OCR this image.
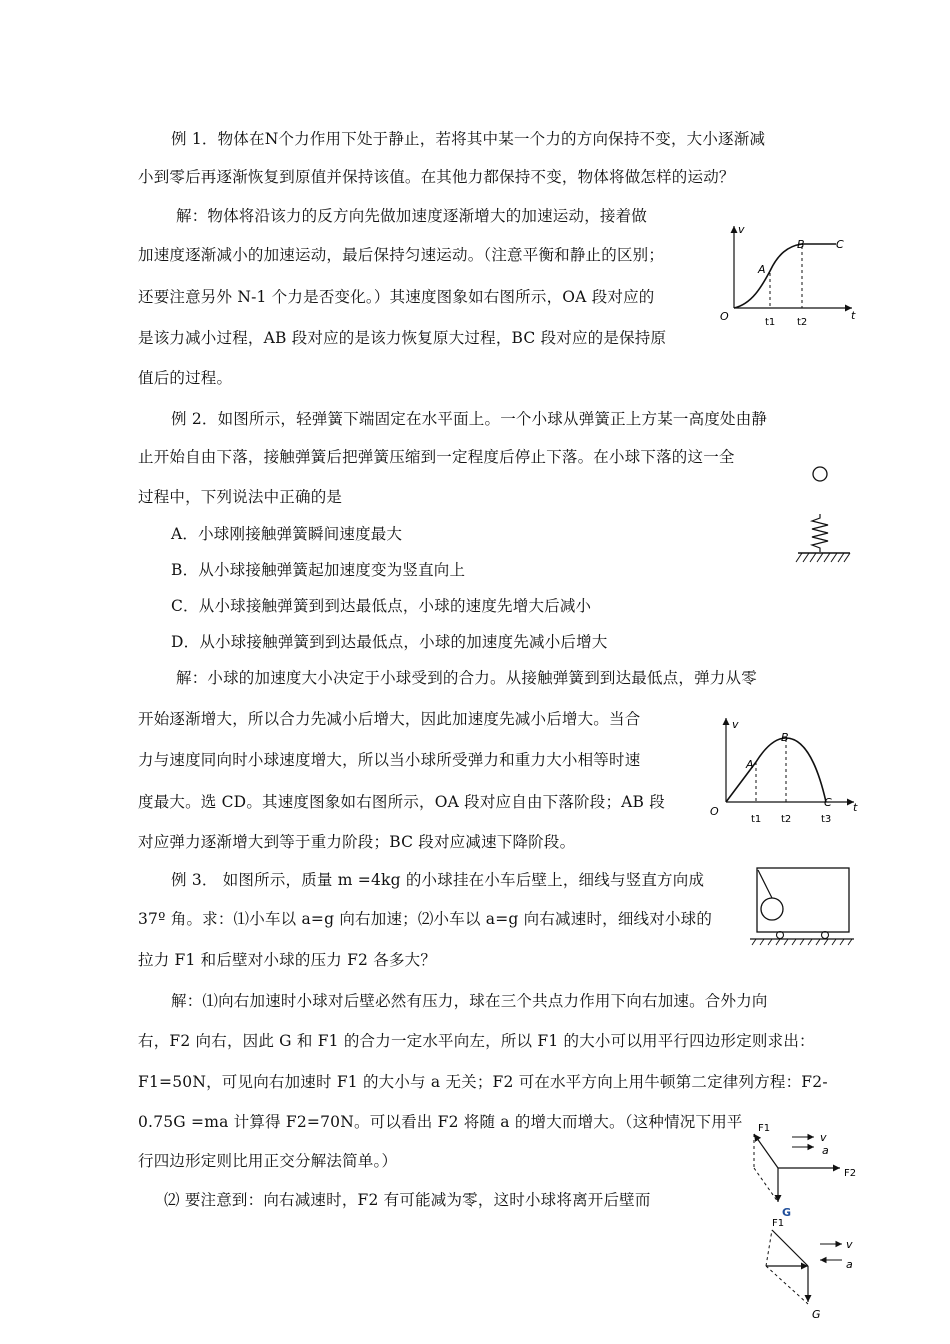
例 1．物体在N个力作用下处于静止，若将其中某一个力的方向保持不变，大小逐渐减
小到零后再逐渐恢复到原值并保持该值。在其他力都保持不变，物体将做怎样的运动？
解：物体将沿该力的反方向先做加速度逐渐增大的加速运动，接着做
加速度逐渐减小的加速运动，最后保持匀速运动。（注意平衡和静止的区别；
还要注意另外 N-1 个力是否变化。）其速度图象如右图所示，OA 段对应的
是该力减小过程，AB 段对应的是该力恢复原大过程，BC 段对应的是保持原
值后的过程。
v
t
O
A
B	C
t1 t2
例 2．如图所示，轻弹簧下端固定在水平面上。一个小球从弹簧正上方某一高度处由静
止开始自由下落，接触弹簧后把弹簧压缩到一定程度后停止下落。在小球下落的这一全
过程中，下列说法中正确的是
A．小球刚接触弹簧瞬间速度最大
B．从小球接触弹簧起加速度变为竖直向上
C．从小球接触弹簧到到达最低点，小球的速度先增大后减小
D．从小球接触弹簧到到达最低点，小球的加速度先减小后增大
解：小球的加速度大小决定于小球受到的合力。从接触弹簧到到达最低点，弹力从零
开始逐渐增大，所以合力先减小后增大，因此加速度先减小后增大。当合
力与速度同向时小球速度增大，所以当小球所受弹力和重力大小相等时速
度最大。选 CD。其速度图象如右图所示，OA 段对应自由下落阶段；AB 段
对应弹力逐渐增大到等于重力阶段；BC 段对应减速下降阶段。
v
t
O
A
B
C
t1 t2	t3
例 3． 如图所示，质量 m =4kg 的小球挂在小车后壁上，细线与竖直方向成
37º 角。求：⑴小车以 a=g 向右加速；⑵小车以 a=g 向右减速时，细线对小球的
拉力 F1 和后壁对小球的压力 F2 各多大？
解：⑴向右加速时小球对后壁必然有压力，球在三个共点力作用下向右加速。合外力向
右，F2 向右，因此 G 和 F1 的合力一定水平向左，所以 F1 的大小可以用平行四边形定则求出：
F1=50N，可见向右加速时 F1 的大小与 a 无关；F2 可在水平方向上用牛顿第二定律列方程：F2-
0.75G =ma 计算得 F2=70N。可以看出 F2 将随 a 的增大而增大。（这种情况下用平
行四边形定则比用正交分解法简单。）
⑵ 要注意到：向右减速时，F2 有可能减为零，这时小球将离开后壁而
F1
v
a
F2
G
F1
v
a
G
